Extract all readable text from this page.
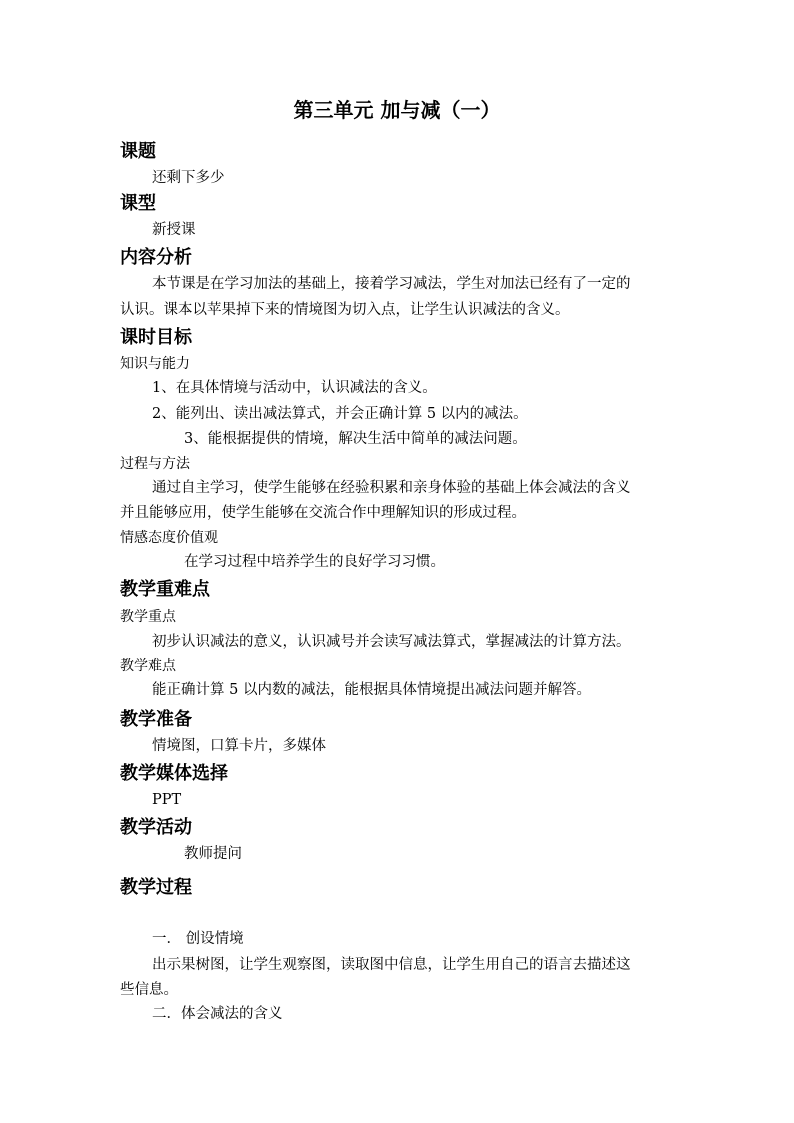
第三单元 加与减（一）
课题
还剩下多少
课型
新授课
内容分析
本节课是在学习加法的基础上，接着学习减法，学生对加法已经有了一定的
认识。课本以苹果掉下来的情境图为切入点，让学生认识减法的含义。
课时目标
知识与能力
1、在具体情境与活动中，认识减法的含义。
2、能列出、读出减法算式，并会正确计算 5 以内的减法。
3、能根据提供的情境，解决生活中简单的减法问题。
过程与方法
通过自主学习，使学生能够在经验积累和亲身体验的基础上体会减法的含义
并且能够应用，使学生能够在交流合作中理解知识的形成过程。
情感态度价值观
在学习过程中培养学生的良好学习习惯。
教学重难点
教学重点
初步认识减法的意义，认识减号并会读写减法算式，掌握减法的计算方法。
教学难点
能正确计算 5 以内数的减法，能根据具体情境提出减法问题并解答。
教学准备
情境图，口算卡片，多媒体
教学媒体选择
PPT
教学活动
教师提问
教学过程
一． 创设情境
出示果树图，让学生观察图，读取图中信息，让学生用自己的语言去描述这
些信息。
二．体会减法的含义
